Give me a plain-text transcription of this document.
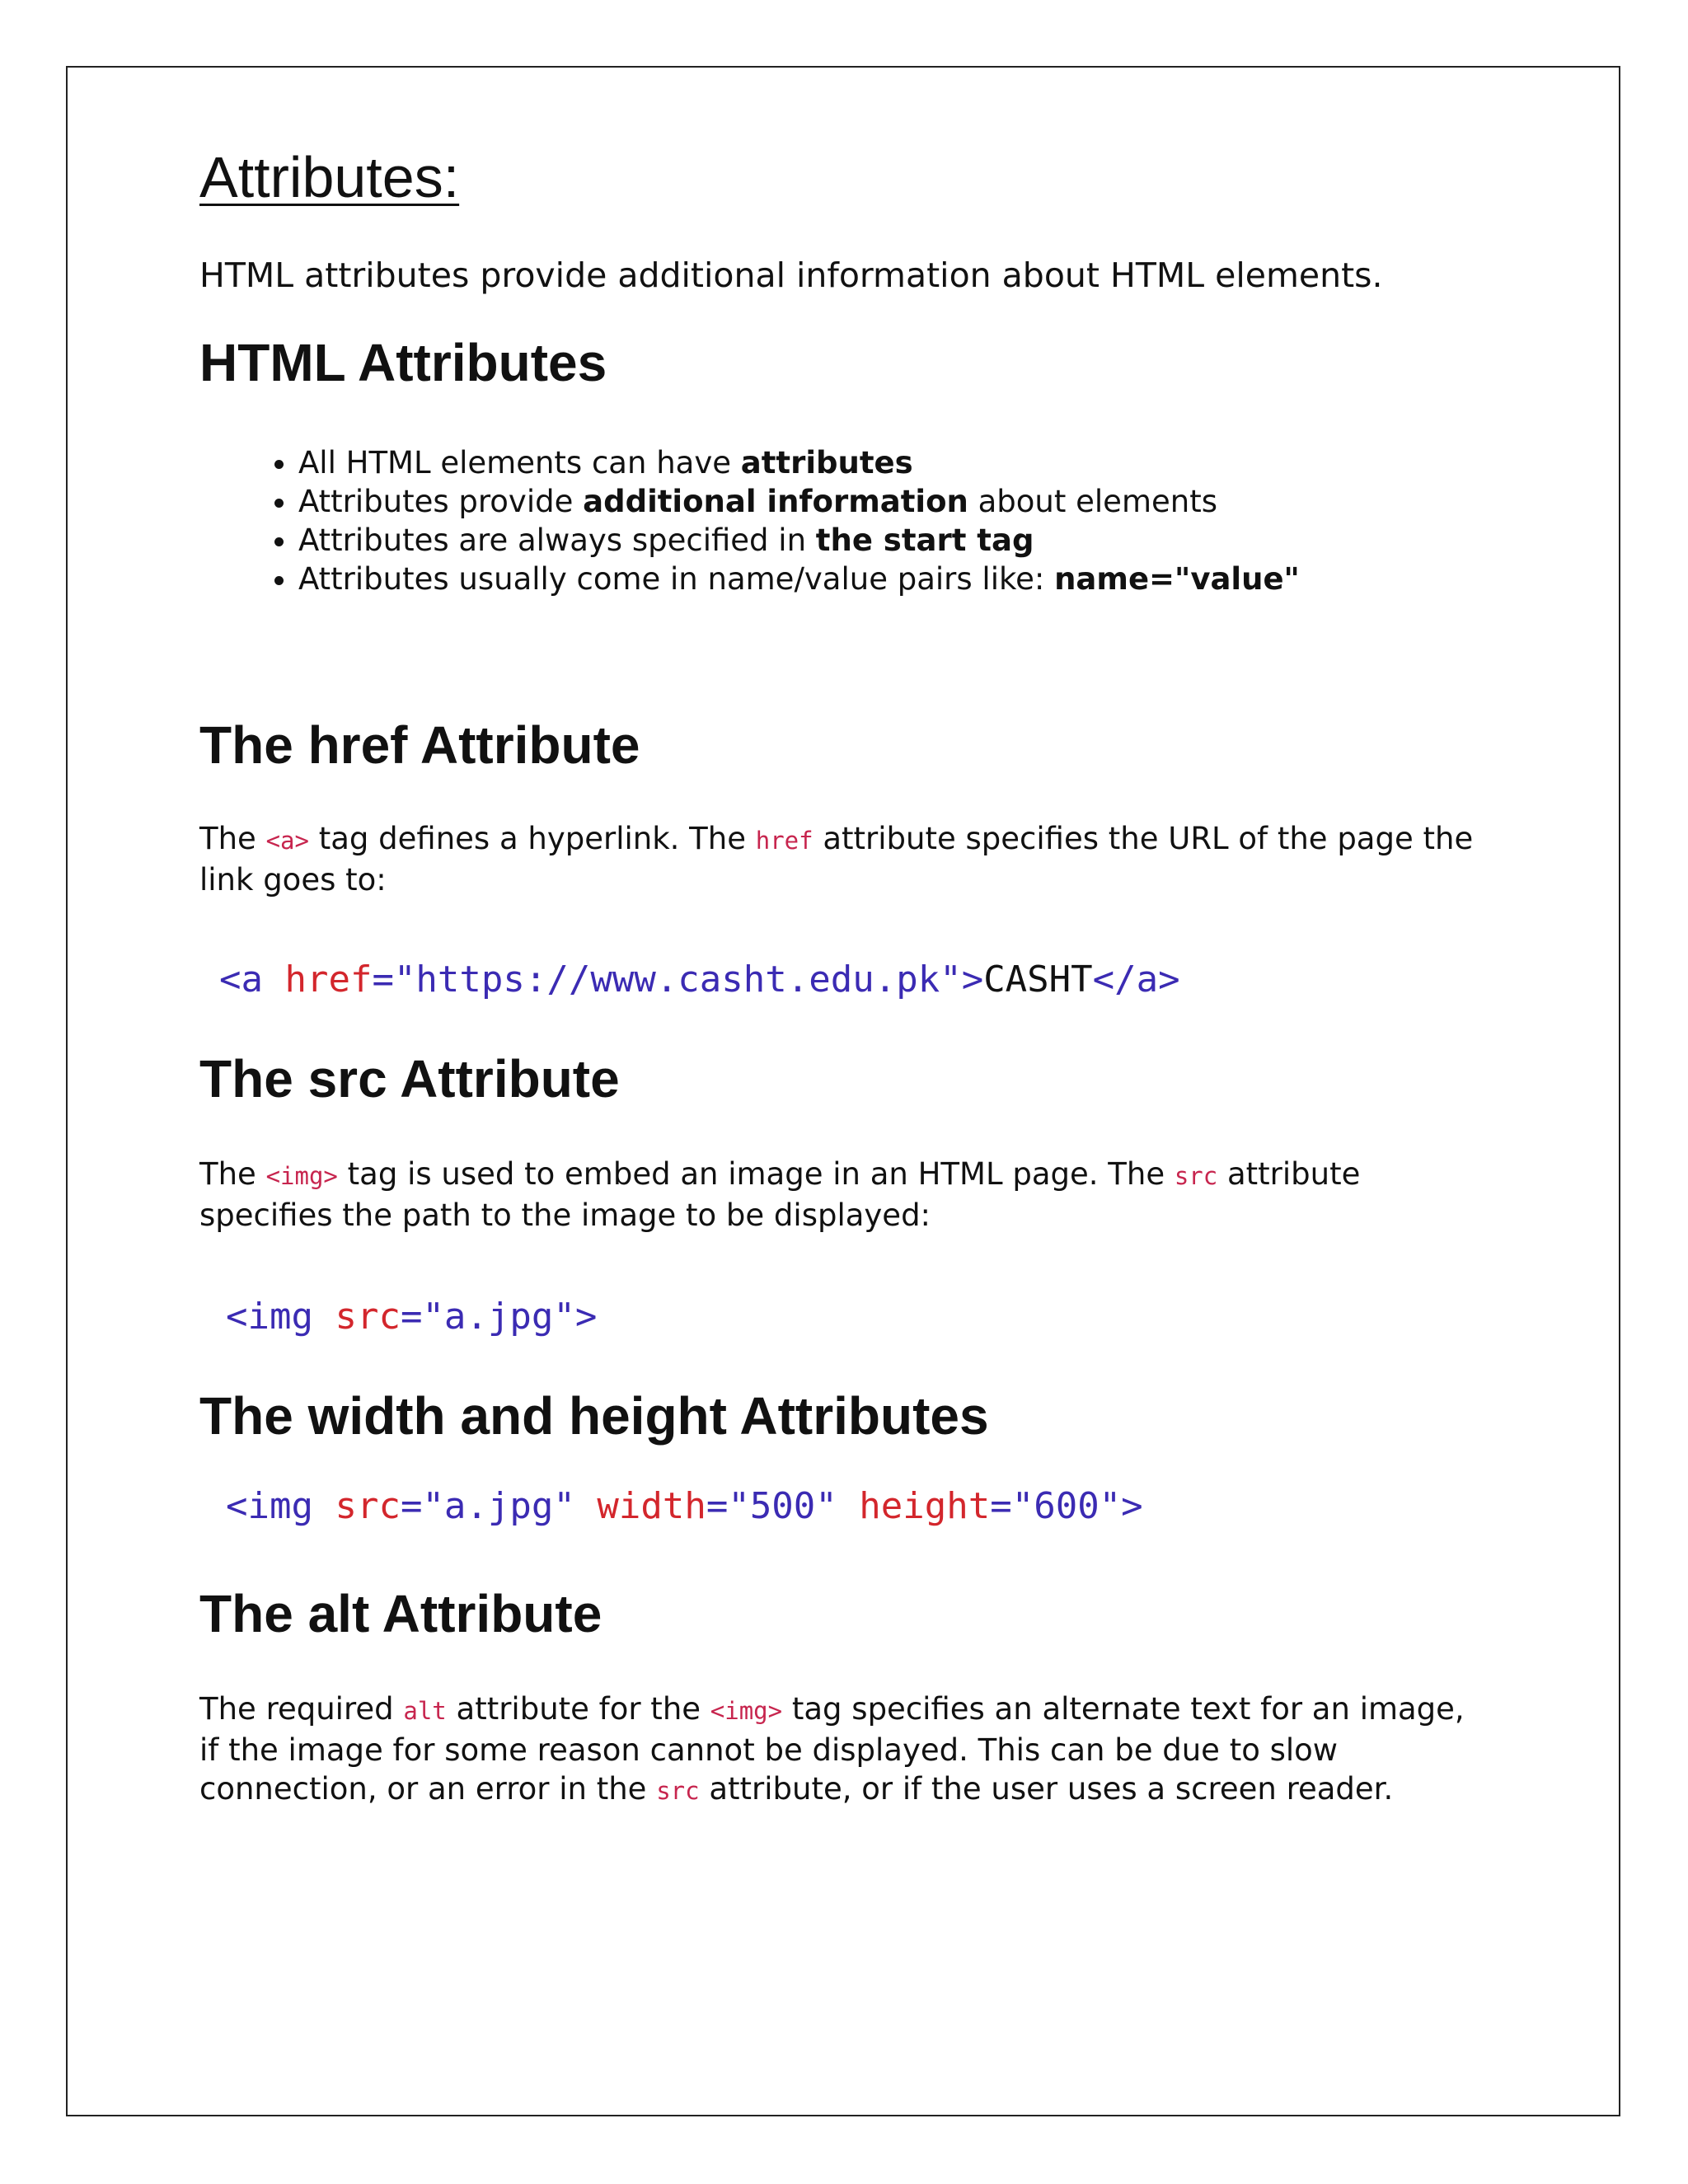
Attributes:

HTML attributes provide additional information about HTML elements.

HTML Attributes
• All HTML elements can have attributes
• Attributes provide additional information about elements
• Attributes are always specified in the start tag
• Attributes usually come in name/value pairs like: name="value"
The href Attribute

The <a> tag defines a hyperlink. The href attribute specifies the URL of the page the link goes to:

<a href="https://www.casht.edu.pk">CASHT</a>

The src Attribute

The <img> tag is used to embed an image in an HTML page. The src attribute specifies the path to the image to be displayed:

<img src="a.jpg">

The width and height Attributes

<img src="a.jpg" width="500" height="600">

The alt Attribute

The required alt attribute for the <img> tag specifies an alternate text for an image, if the image for some reason cannot be displayed. This can be due to slow connection, or an error in the src attribute, or if the user uses a screen reader.
